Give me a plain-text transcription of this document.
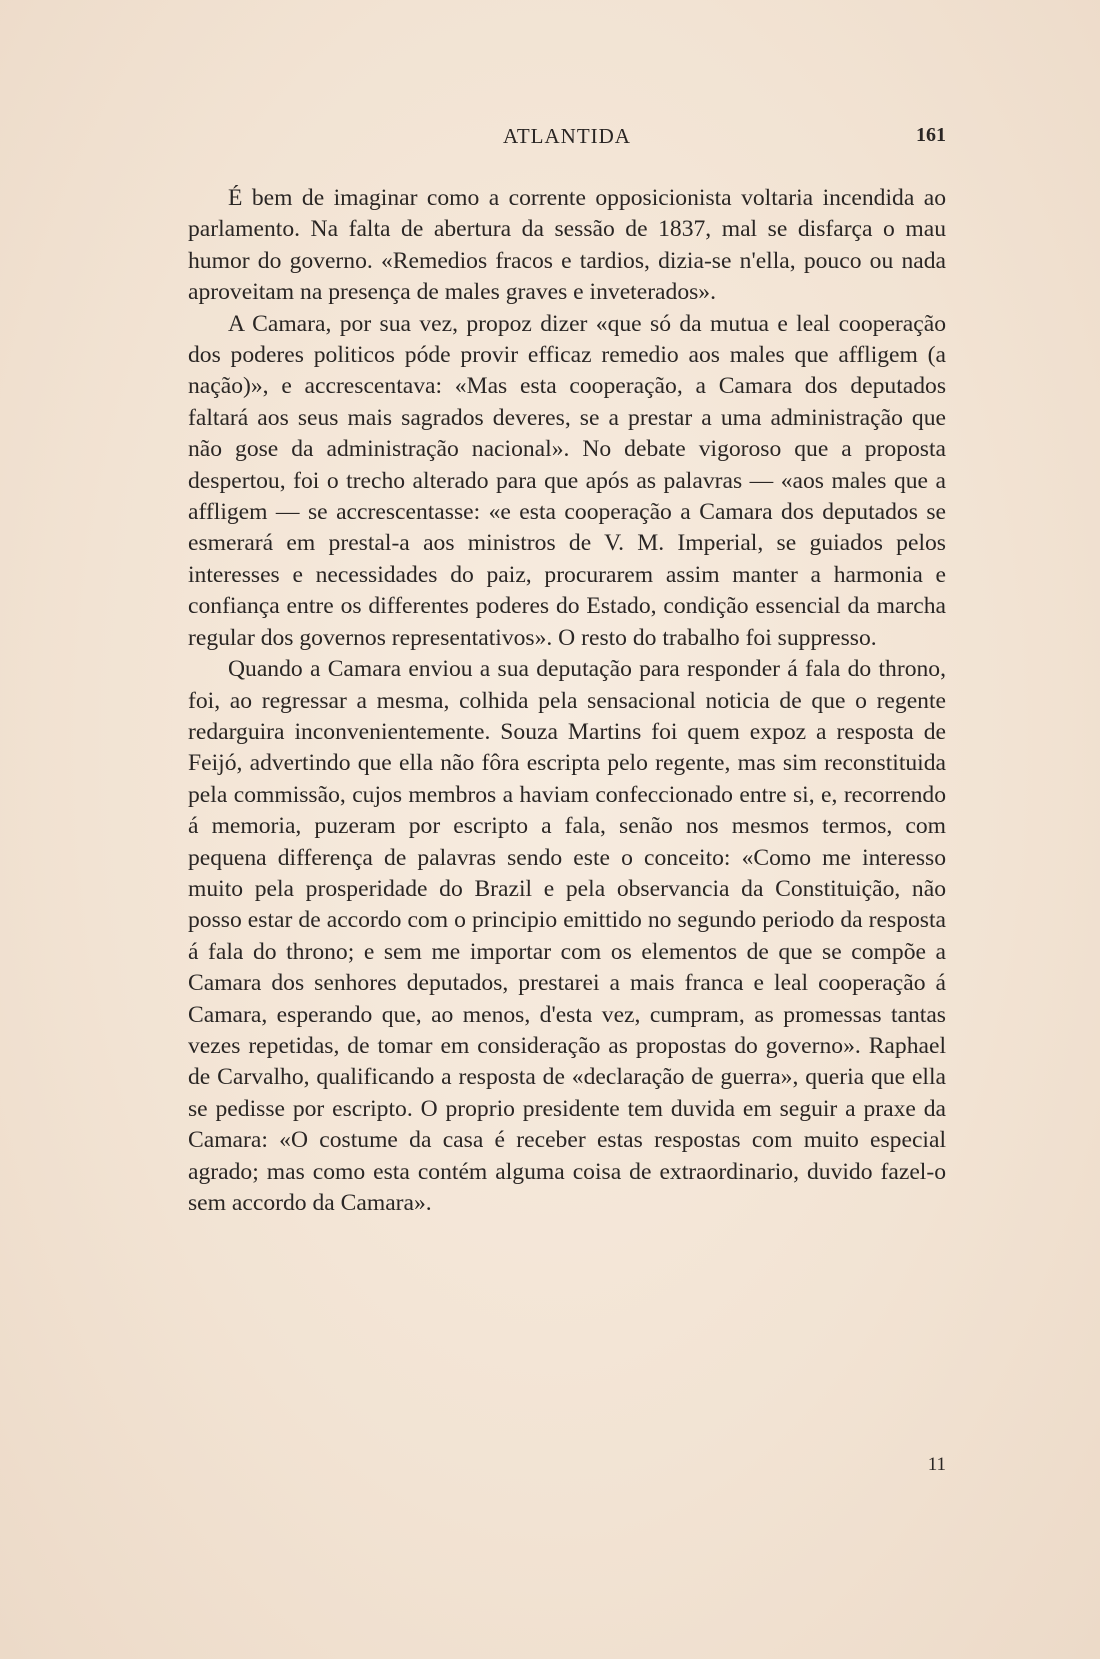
ATLANTIDA	161

É bem de imaginar como a corrente opposicionista voltaria incendida ao parlamento. Na falta de abertura da sessão de 1837, mal se disfarça o mau humor do governo. «Remedios fracos e tardios, dizia-se n'ella, pouco ou nada aproveitam na presença de males graves e inveterados».

A Camara, por sua vez, propoz dizer «que só da mutua e leal cooperação dos poderes politicos póde provir efficaz remedio aos males que affligem (a nação)», e accrescentava: «Mas esta cooperação, a Camara dos deputados faltará aos seus mais sagrados deveres, se a prestar a uma administração que não gose da administração nacional». No debate vigoroso que a proposta despertou, foi o trecho alterado para que após as palavras — «aos males que a affligem — se accrescentasse: «e esta cooperação a Camara dos deputados se esmerará em prestal-a aos ministros de V. M. Imperial, se guiados pelos interesses e necessidades do paiz, procurarem assim manter a harmonia e confiança entre os differentes poderes do Estado, condição essencial da marcha regular dos governos representativos». O resto do trabalho foi suppresso.

Quando a Camara enviou a sua deputação para responder á fala do throno, foi, ao regressar a mesma, colhida pela sensacional noticia de que o regente redarguira inconvenientemente. Souza Martins foi quem expoz a resposta de Feijó, advertindo que ella não fôra escripta pelo regente, mas sim reconstituida pela commissão, cujos membros a haviam confeccionado entre si, e, recorrendo á memoria, puzeram por escripto a fala, senão nos mesmos termos, com pequena differença de palavras sendo este o conceito: «Como me interesso muito pela prosperidade do Brazil e pela observancia da Constituição, não posso estar de accordo com o principio emittido no segundo periodo da resposta á fala do throno; e sem me importar com os elementos de que se compõe a Camara dos senhores deputados, prestarei a mais franca e leal cooperação á Camara, esperando que, ao menos, d'esta vez, cumpram, as promessas tantas vezes repetidas, de tomar em consideração as propostas do governo». Raphael de Carvalho, qualificando a resposta de «declaração de guerra», queria que ella se pedisse por escripto. O proprio presidente tem duvida em seguir a praxe da Camara: «O costume da casa é receber estas respostas com muito especial agrado; mas como esta contém alguma coisa de extraordinario, duvido fazel-o sem accordo da Camara».

11
